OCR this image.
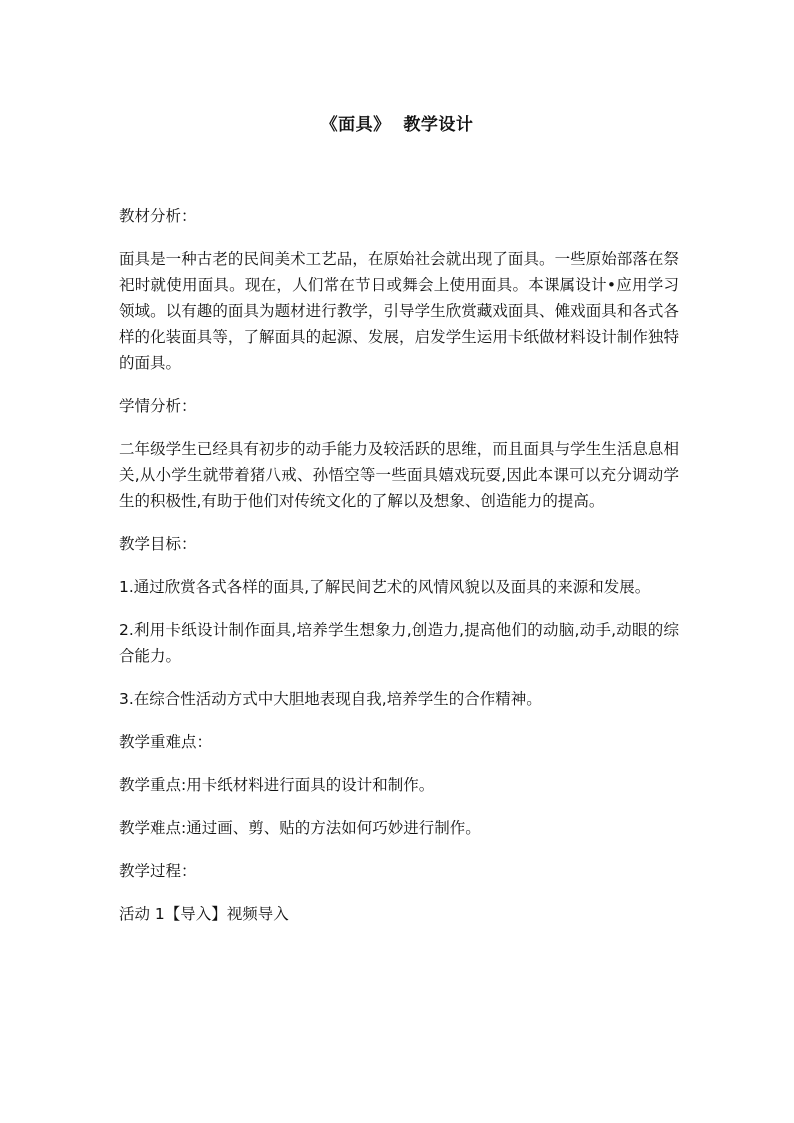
《面具》  教学设计

教材分析：

面具是一种古老的民间美术工艺品，在原始社会就出现了面具。一些原始部落在祭祀时就使用面具。现在，人们常在节日或舞会上使用面具。本课属设计•应用学习领域。以有趣的面具为题材进行教学，引导学生欣赏藏戏面具、傩戏面具和各式各样的化装面具等，了解面具的起源、发展，启发学生运用卡纸做材料设计制作独特的面具。

学情分析：

二年级学生已经具有初步的动手能力及较活跃的思维，而且面具与学生生活息息相关,从小学生就带着猪八戒、孙悟空等一些面具嬉戏玩耍,因此本课可以充分调动学生的积极性,有助于他们对传统文化的了解以及想象、创造能力的提高。

教学目标：

1.通过欣赏各式各样的面具,了解民间艺术的风情风貌以及面具的来源和发展。

2.利用卡纸设计制作面具,培养学生想象力,创造力,提高他们的动脑,动手,动眼的综合能力。

3.在综合性活动方式中大胆地表现自我,培养学生的合作精神。

教学重难点：

教学重点:用卡纸材料进行面具的设计和制作。

教学难点:通过画、剪、贴的方法如何巧妙进行制作。

教学过程：

活动 1【导入】视频导入
